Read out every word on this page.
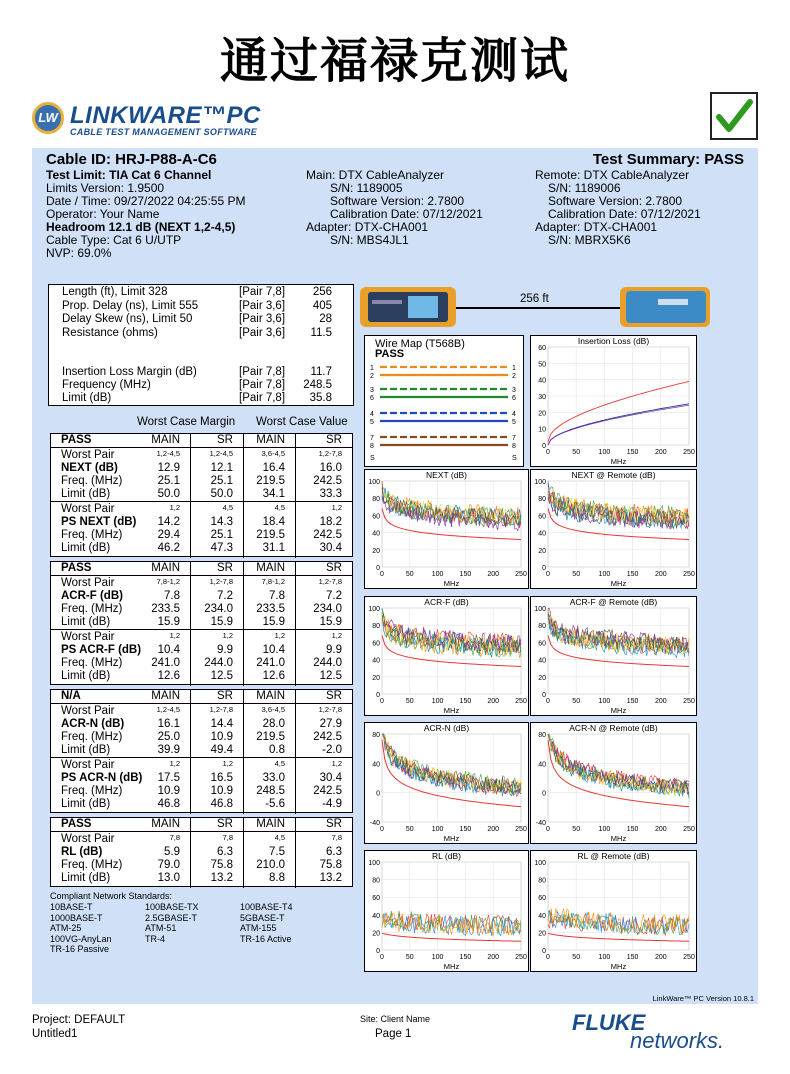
通过福禄克测试
LW LINKWARE™PC
CABLE TEST MANAGEMENT SOFTWARE
Cable ID: HRJ-P88-A-C6	Test Summary: PASS
Worst Case Margin Worst Case Value
256 ft
Wire Map (T568B)
PASS
1	1
2	2
3	3
6	6
4	4
5	5
7	7
8	8
S	S
LinkWare™ PC Version 10.8.1
Project: DEFAULT
Untitled1
Site: Client Name
Page 1	FLUKE
networks.
Test Limit: TIA Cat 6 Channel
Limits Version: 1.9500
Date / Time: 09/27/2022 04:25:55 PM
Operator: Your Name
Headroom 12.1 dB (NEXT 1,2-4,5)
Cable Type: Cat 6 U/UTP
NVP: 69.0%
Main: DTX CableAnalyzer
S/N: 1189005
Software Version: 2.7800
Calibration Date: 07/12/2021
Adapter: DTX-CHA001
S/N: MBS4JL1
Remote: DTX CableAnalyzer
S/N: 1189006
Software Version: 2.7800
Calibration Date: 07/12/2021
Adapter: DTX-CHA001
S/N: MBRX5K6
Length (ft), Limit 328	[Pair 7,8] 256
Prop. Delay (ns), Limit 555	[Pair 3,6] 405
Delay Skew (ns), Limit 50	[Pair 3,6]	28
Resistance (ohms)	[Pair 3,6] 11.5
Insertion Loss Margin (dB)	[Pair 7,8] 11.7
Frequency (MHz)	[Pair 7,8] 248.5
Limit (dB)	[Pair 7,8] 35.8
PASS	MAIN	SR MAIN	SR
Worst Pair	1,2-4,5	1,2-4,5	3,6-4,5	1,2-7,8
NEXT (dB)	12.9	12.1	16.4	16.0
Freq. (MHz)	25.1	25.1 219.5 242.5
Limit (dB)	50.0	50.0	34.1	33.3
Worst Pair	1,2	4,5	4,5	1,2
PS NEXT (dB) 14.2	14.3	18.4	18.2
Freq. (MHz)	29.4	25.1 219.5 242.5
Limit (dB)	46.2	47.3	31.1	30.4
PASS	MAIN	SR MAIN	SR
Worst Pair	7,8-1,2	1,2-7,8	7,8-1,2	1,2-7,8
ACR-F (dB)	7.8	7.2	7.8	7.2
Freq. (MHz)	233.5 234.0 233.5 234.0
Limit (dB)	15.9	15.9	15.9	15.9
Worst Pair	1,2	1,2	1,2	1,2
PS ACR-F (dB) 10.4	9.9	10.4	9.9
Freq. (MHz)	241.0 244.0 241.0 244.0
Limit (dB)	12.6	12.5	12.6	12.5
N/A	MAIN	SR MAIN	SR
Worst Pair	1,2-4,5	1,2-7,8	3,6-4,5	1,2-7,8
ACR-N (dB)	16.1	14.4	28.0	27.9
Freq. (MHz)	25.0	10.9 219.5 242.5
Limit (dB)	39.9	49.4	0.8	-2.0
Worst Pair	1,2	1,2	4,5	1,2
PS ACR-N (dB) 17.5	16.5	33.0	30.4
Freq. (MHz)	10.9	10.9 248.5 242.5
Limit (dB)	46.8	46.8	-5.6	-4.9
PASS	MAIN	SR MAIN	SR
Worst Pair	7,8	7,8	4,5	7,8
RL (dB)	5.9	6.3	7.5	6.3
Freq. (MHz)	79.0	75.8 210.0	75.8
Limit (dB)	13.0	13.2	8.8	13.2
Compliant Network Standards:
10BASE-T	100BASE-TX	100BASE-T4
1000BASE-T	2.5GBASE-T	5GBASE-T
ATM-25	ATM-51	ATM-155
100VG-AnyLan	TR-4	TR-16 Active
TR-16 Passive
Insertion Loss (dB)
60
50
40
30
20
10
0
0	50	100 150 200 250
MHz
NEXT (dB)
100
80
60
40
20
0
0	50	100 150 200 250
MHz
NEXT @ Remote (dB)
100
80
60
40
20
0
0	50	100 150 200 250
MHz
ACR-F (dB)
100
80
60
40
20
0
0	50	100 150 200 250
MHz
ACR-F @ Remote (dB)
100
80
60
40
20
0
0	50	100 150 200 250
MHz
ACR-N (dB)
80
40
0
-40
0	50	100 150 200 250
MHz
ACR-N @ Remote (dB)
80
40
0
-40
0	50	100 150 200 250
MHz
RL (dB)
100
80
60
40
20
0
0	50	100 150 200 250
MHz
RL @ Remote (dB)
100
80
60
40
20
0
0	50	100 150 200 250
MHz
